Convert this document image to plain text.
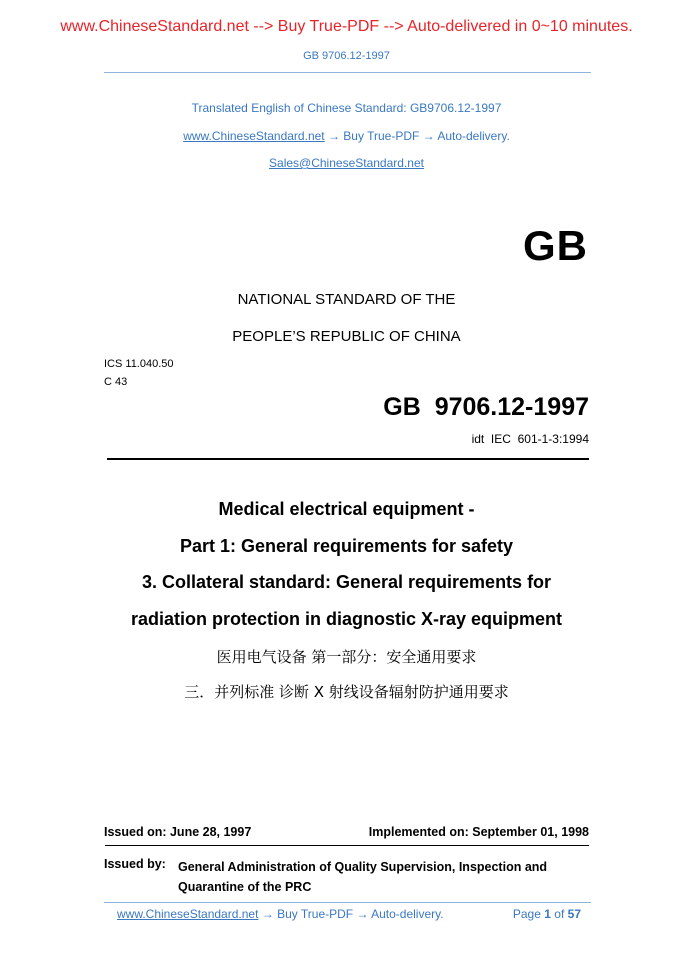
www.ChineseStandard.net --> Buy True-PDF --> Auto-delivered in 0~10 minutes.
GB 9706.12-1997
Translated English of Chinese Standard: GB9706.12-1997
www.ChineseStandard.net → Buy True-PDF → Auto-delivery.
Sales@ChineseStandard.net
GB
NATIONAL STANDARD OF THE
PEOPLE’S REPUBLIC OF CHINA
ICS 11.040.50
C 43
GB  9706.12-1997
idt  IEC  601-1-3:1994
Medical electrical equipment -
Part 1: General requirements for safety
3. Collateral standard: General requirements for
radiation protection in diagnostic X-ray equipment
医用电气设备 第一部分：安全通用要求
三．并列标准 诊断 X 射线设备辐射防护通用要求
Issued on: June 28, 1997	Implemented on: September 01, 1998
Issued by: General Administration of Quality Supervision, Inspection and Quarantine of the PRC
www.ChineseStandard.net → Buy True-PDF → Auto-delivery.	Page 1 of 57
